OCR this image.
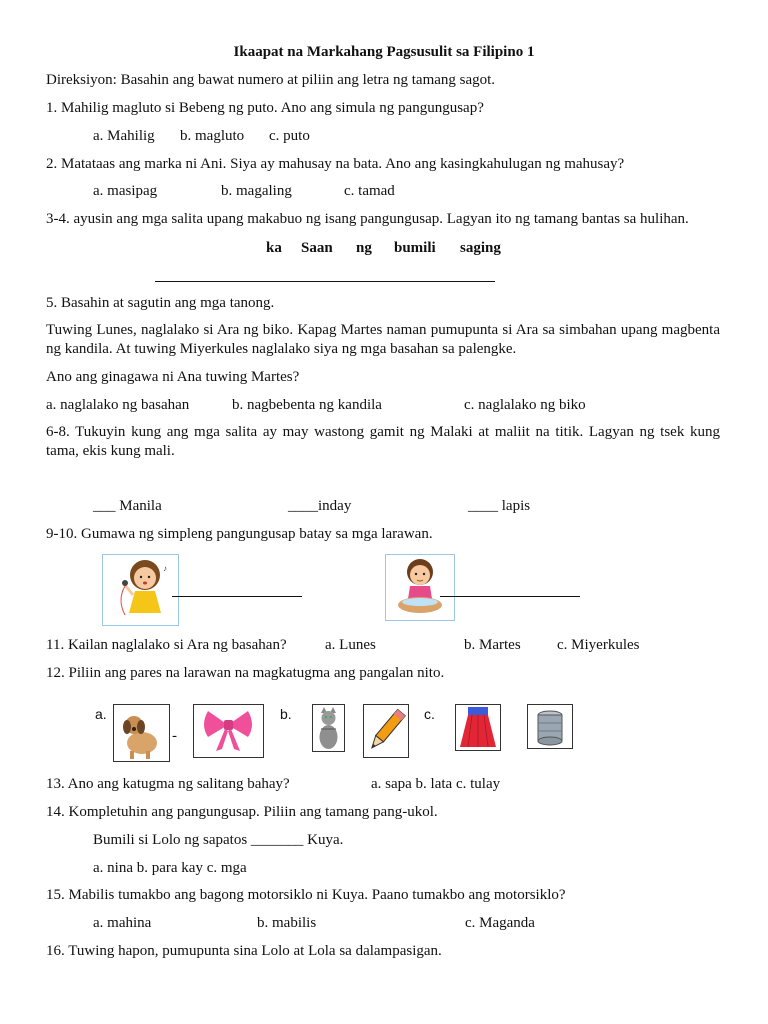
Ikaapat na Markahang Pagsusulit sa Filipino 1
Direksiyon: Basahin ang bawat numero at piliin ang letra ng tamang sagot.
1. Mahilig magluto si Bebeng ng puto. Ano ang simula ng pangungusap?
a. Mahilig b. magluto c. puto
2. Matataas ang marka ni Ani. Siya ay mahusay na bata. Ano ang kasingkahulugan ng mahusay?
a. masipag	b. magaling	c. tamad
3-4. ayusin ang mga salita upang makabuo ng isang pangungusap. Lagyan ito ng tamang bantas sa hulihan.
ka Saan ng bumili saging
5. Basahin at sagutin ang mga tanong.
Tuwing Lunes, naglalako si Ara ng biko. Kapag Martes naman pumupunta si Ara sa simbahan upang magbenta ng kandila. At tuwing Miyerkules naglalako siya ng mga basahan sa palengke.
Ano ang ginagawa ni Ana tuwing Martes?
a. naglalako ng basahan	b. nagbebenta ng kandila	c. naglalako ng biko
6-8. Tukuyin kung ang mga salita ay may wastong gamit ng Malaki at maliit na titik. Lagyan ng tsek kung tama, ekis kung mali.
___ Manila	____inday	____ lapis
9-10. Gumawa ng simpleng pangungusap batay sa mga larawan.
♪
11. Kailan naglalako si Ara ng basahan?	a. Lunes	b. Martes c. Miyerkules
12. Piliin ang pares na larawan na magkatugma ang pangalan nito.
a.	b.	c.
-
13. Ano ang katugma ng salitang bahay?	a. sapa b. lata c. tulay
14. Kompletuhin ang pangungusap. Piliin ang tamang pang-ukol.
Bumili si Lolo ng sapatos _______ Kuya.
a. nina b. para kay c. mga
15. Mabilis tumakbo ang bagong motorsiklo ni Kuya. Paano tumakbo ang motorsiklo?
a. mahina	b. mabilis	c. Maganda
16. Tuwing hapon, pumupunta sina Lolo at Lola sa dalampasigan.
